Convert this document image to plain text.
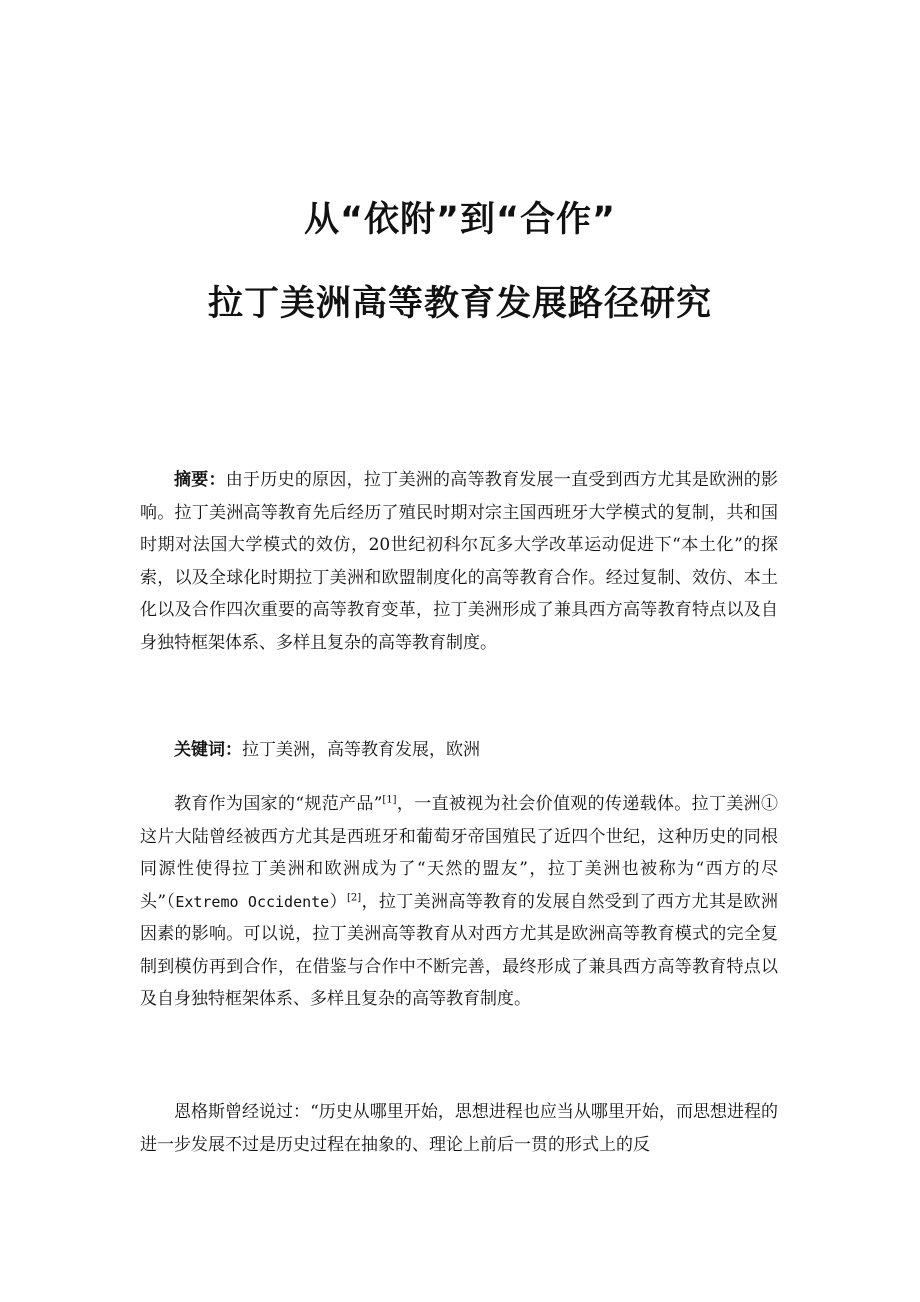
从“依附”到“合作”
拉丁美洲高等教育发展路径研究

摘要：由于历史的原因，拉丁美洲的高等教育发展一直受到西方尤其是欧洲的影响。拉丁美洲高等教育先后经历了殖民时期对宗主国西班牙大学模式的复制，共和国时期对法国大学模式的效仿，20世纪初科尔瓦多大学改革运动促进下“本土化”的探索，以及全球化时期拉丁美洲和欧盟制度化的高等教育合作。经过复制、效仿、本土化以及合作四次重要的高等教育变革，拉丁美洲形成了兼具西方高等教育特点以及自身独特框架体系、多样且复杂的高等教育制度。

关键词：拉丁美洲，高等教育发展，欧洲

教育作为国家的“规范产品”[1]，一直被视为社会价值观的传递载体。拉丁美洲①这片大陆曾经被西方尤其是西班牙和葡萄牙帝国殖民了近四个世纪，这种历史的同根同源性使得拉丁美洲和欧洲成为了“天然的盟友”，拉丁美洲也被称为“西方的尽头”（Extremo Occidente）[2]，拉丁美洲高等教育的发展自然受到了西方尤其是欧洲因素的影响。可以说，拉丁美洲高等教育从对西方尤其是欧洲高等教育模式的完全复制到模仿再到合作，在借鉴与合作中不断完善，最终形成了兼具西方高等教育特点以及自身独特框架体系、多样且复杂的高等教育制度。

恩格斯曾经说过：“历史从哪里开始，思想进程也应当从哪里开始，而思想进程的进一步发展不过是历史过程在抽象的、理论上前后一贯的形式上的反
